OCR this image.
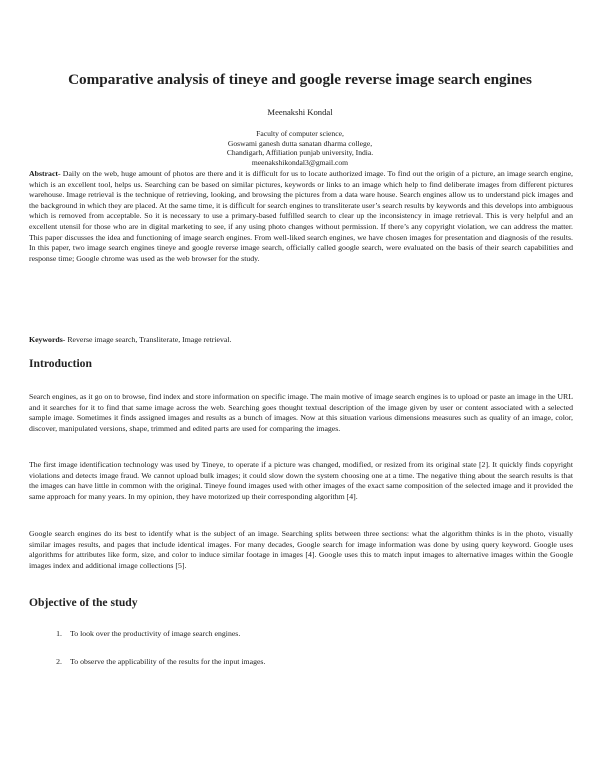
Comparative analysis of tineye and google reverse image search engines
Meenakshi Kondal
Faculty of computer science,
Goswami ganesh dutta sanatan dharma college,
Chandigarh, Affiliation punjab university, India.
meenakshikondal3@gmail.com

Abstract- Daily on the web, huge amount of photos are there and it is difficult for us to locate authorized image. To find out the origin of a picture, an image search engine, which is an excellent tool, helps us. Searching can be based on similar pictures, keywords or links to an image which help to find deliberate images from different pictures warehouse. Image retrieval is the technique of retrieving, looking, and browsing the pictures from a data ware house. Search engines allow us to understand pick images and the background in which they are placed. At the same time, it is difficult for search engines to transliterate user’s search results by keywords and this develops into ambiguous which is removed from acceptable. So it is necessary to use a primary-based fulfilled search to clear up the inconsistency in image retrieval. This is very helpful and an excellent utensil for those who are in digital marketing to see, if any using photo changes without permission. If there’s any copyright violation, we can address the matter. This paper discusses the idea and functioning of image search engines. From well-liked search engines, we have chosen images for presentation and diagnosis of the results. In this paper, two image search engines tineye and google reverse image search, officially called google search, were evaluated on the basis of their search capabilities and response time; Google chrome was used as the web browser for the study.

Keywords- Reverse image search, Transliterate, Image retrieval.

Introduction

Search engines, as it go on to browse, find index and store information on specific image. The main motive of image search engines is to upload or paste an image in the URL and it searches for it to find that same image across the web. Searching goes thought textual description of the image given by user or content associated with a selected sample image. Sometimes it finds assigned images and results as a bunch of images. Now at this situation various dimensions measures such as quality of an image, color, discover, manipulated versions, shape, trimmed and edited parts are used for comparing the images.

The first image identification technology was used by Tineye, to operate if a picture was changed, modified, or resized from its original state [2]. It quickly finds copyright violations and detects image fraud. We cannot upload bulk images; it could slow down the system choosing one at a time. The negative thing about the search results is that the images can have little in common with the original. Tineye found images used with other images of the exact same composition of the selected image and it provided the same approach for many years. In my opinion, they have motorized up their corresponding algorithm [4].

Google search engines do its best to identify what is the subject of an image. Searching splits between three sections: what the algorithm thinks is in the photo, visually similar images results, and pages that include identical images. For many decades, Google search for image information was done by using query keyword. Google uses algorithms for attributes like form, size, and color to induce similar footage in images [4]. Google uses this to match input images to alternative images within the Google images index and additional image collections [5].

Objective of the study
1. To look over the productivity of image search engines.
2. To observe the applicability of the results for the input images.
